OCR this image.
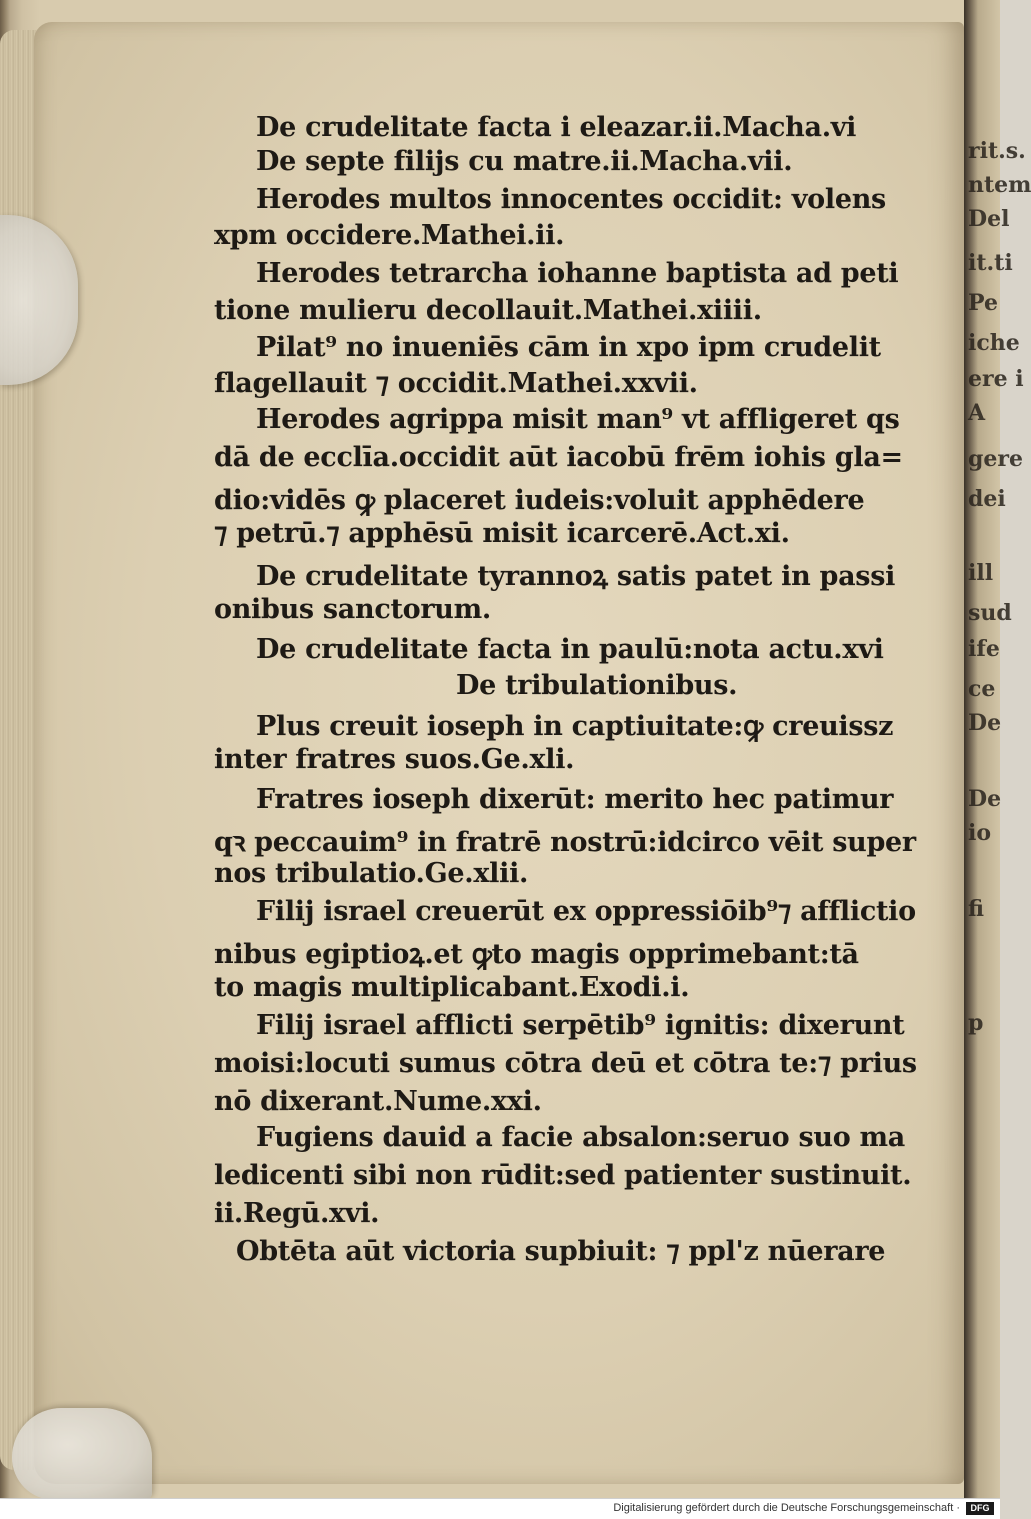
rit.s.
ntem
Del
it.ti
Pe
iche
ere i
A
gere
dei
ill
sud
ife
ce
De
De
io
fi
p
De crudelitate facta i eleazar.ii.Macha.vi
De septe filijs cu matre.ii.Macha.vii.
Herodes multos innocentes occidit: volens
xpm occidere.Mathei.ii.
Herodes tetrarcha iohanne baptista ad peti
tione mulieru decollauit.Mathei.xiiii.
Pilat⁹ no inueniēs cām in xpo ipm crudelit
flagellauit ⁊ occidit.Mathei.xxvii.
Herodes agrippa misit man⁹ vt affligeret qs
dā de ecclīa.occidit aūt iacobū frēm iohis gla=
dio:vidēs ꝙ placeret iudeis:voluit apphēdere
⁊ petrū.⁊ apphēsū misit icarcerē.Act.xi.
De crudelitate tyrannoꝝ satis patet in passi
onibus sanctorum.
De crudelitate facta in paulū:nota actu.xvi
De tribulationibus.
Plus creuit ioseph in captiuitate:ꝙ creuissz
inter fratres suos.Ge.xli.
Fratres ioseph dixerūt: merito hec patimur
qꝛ peccauim⁹ in fratrē nostrū:idcirco vēit super
nos tribulatio.Ge.xlii.
Filij israel creuerūt ex oppressiōib⁹⁊ afflictio
nibus egiptioꝝ.et ꝙto magis opprimebant:tā
to magis multiplicabant.Exodi.i.
Filij israel afflicti serpētib⁹ ignitis: dixerunt
moisi:locuti sumus cōtra deū et cōtra te:⁊ prius
nō dixerant.Nume.xxi.
Fugiens dauid a facie absalon:seruo suo ma
ledicenti sibi non rūdit:sed patienter sustinuit.
ii.Regū.xvi.
Obtēta aūt victoria supbiuit: ⁊ ppl'z nūerare
Digitalisierung gefördert durch die Deutsche Forschungsgemeinschaft ·	DFG
